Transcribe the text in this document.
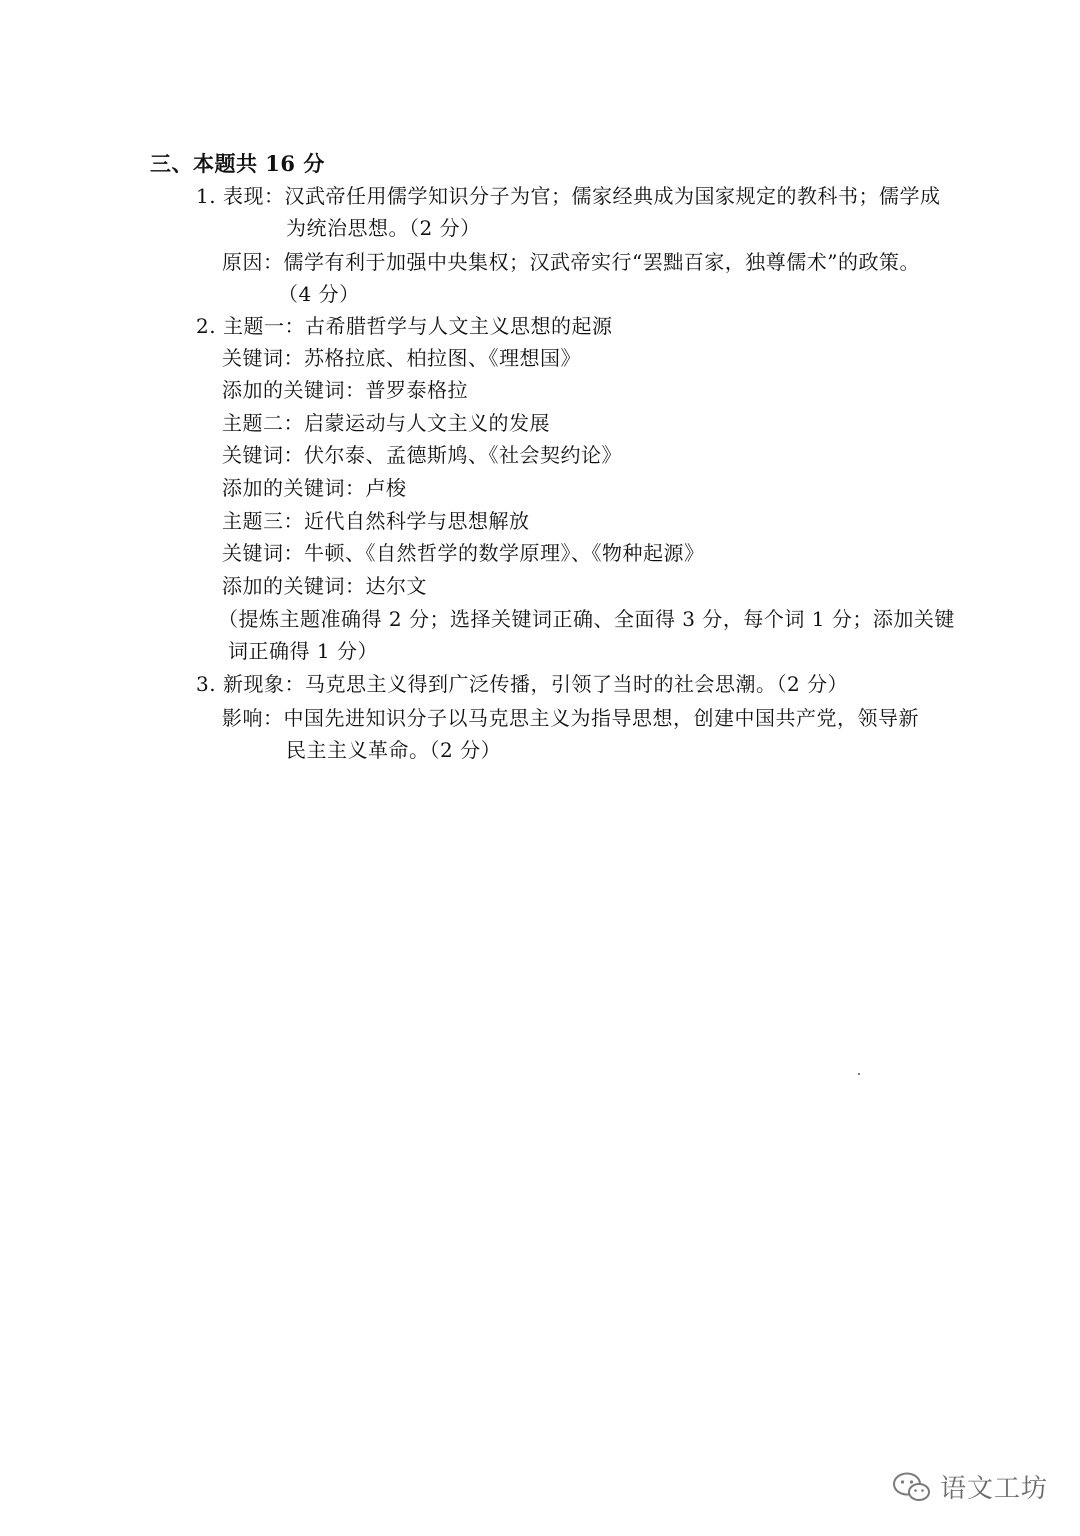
三、本题共 16 分
1. 表现：汉武帝任用儒学知识分子为官；儒家经典成为国家规定的教科书；儒学成
为统治思想。（2 分）
原因：儒学有利于加强中央集权；汉武帝实行“罢黜百家，独尊儒术”的政策。
（4 分）
2. 主题一：古希腊哲学与人文主义思想的起源
关键词：苏格拉底、柏拉图、《理想国》
添加的关键词：普罗泰格拉
主题二：启蒙运动与人文主义的发展
关键词：伏尔泰、孟德斯鸠、《社会契约论》
添加的关键词：卢梭
主题三：近代自然科学与思想解放
关键词：牛顿、《自然哲学的数学原理》、《物种起源》
添加的关键词：达尔文
（提炼主题准确得 2 分；选择关键词正确、全面得 3 分，每个词 1 分；添加关键
词正确得 1 分）
3. 新现象：马克思主义得到广泛传播，引领了当时的社会思潮。（2 分）
影响：中国先进知识分子以马克思主义为指导思想，创建中国共产党，领导新
民主主义革命。（2 分）
语文工坊
